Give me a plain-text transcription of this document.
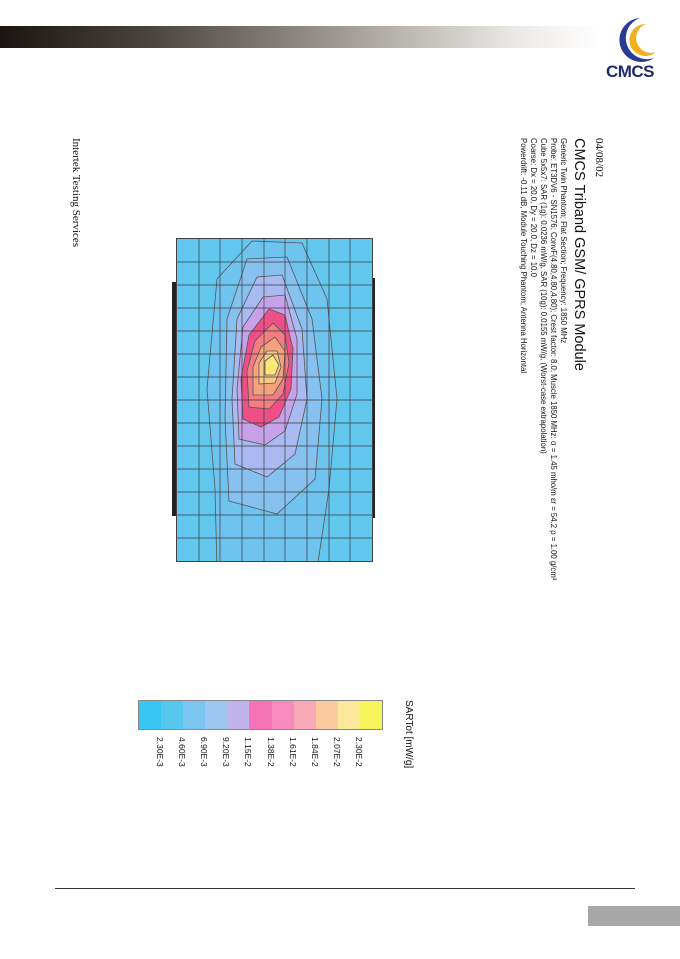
CMCS
04/08/02
CMCS Triband GSM/ GPRS Module
Generic Twin Phantom; Flat Section; Frequency: 1850 MHz
Probe: ET3DV6 - SN1576; ConvF(4.80,4.80,4.80); Crest factor: 8.0; Muscle 1850 MHz: σ = 1.45 mho/m εr = 54.2 ρ = 1.00 g/cm³
Cube 5x5x7: SAR (1g): 0.0236 mW/g, SAR (10g): 0.0155 mW/g, (Worst-case extrapolation)
Coarse: Dx = 20.0, Dy = 20.0, Dz = 10.0
Powerdrift: -0.11 dB, Module Touching Phantom; Antenna Horizontal
Intertek Testing Services
SARTot [mW/g]
2.30E-3 4.60E-3 6.90E-3 9.20E-3 1.15E-2 1.38E-2 1.61E-2 1.84E-2 2.07E-2 2.30E-2
